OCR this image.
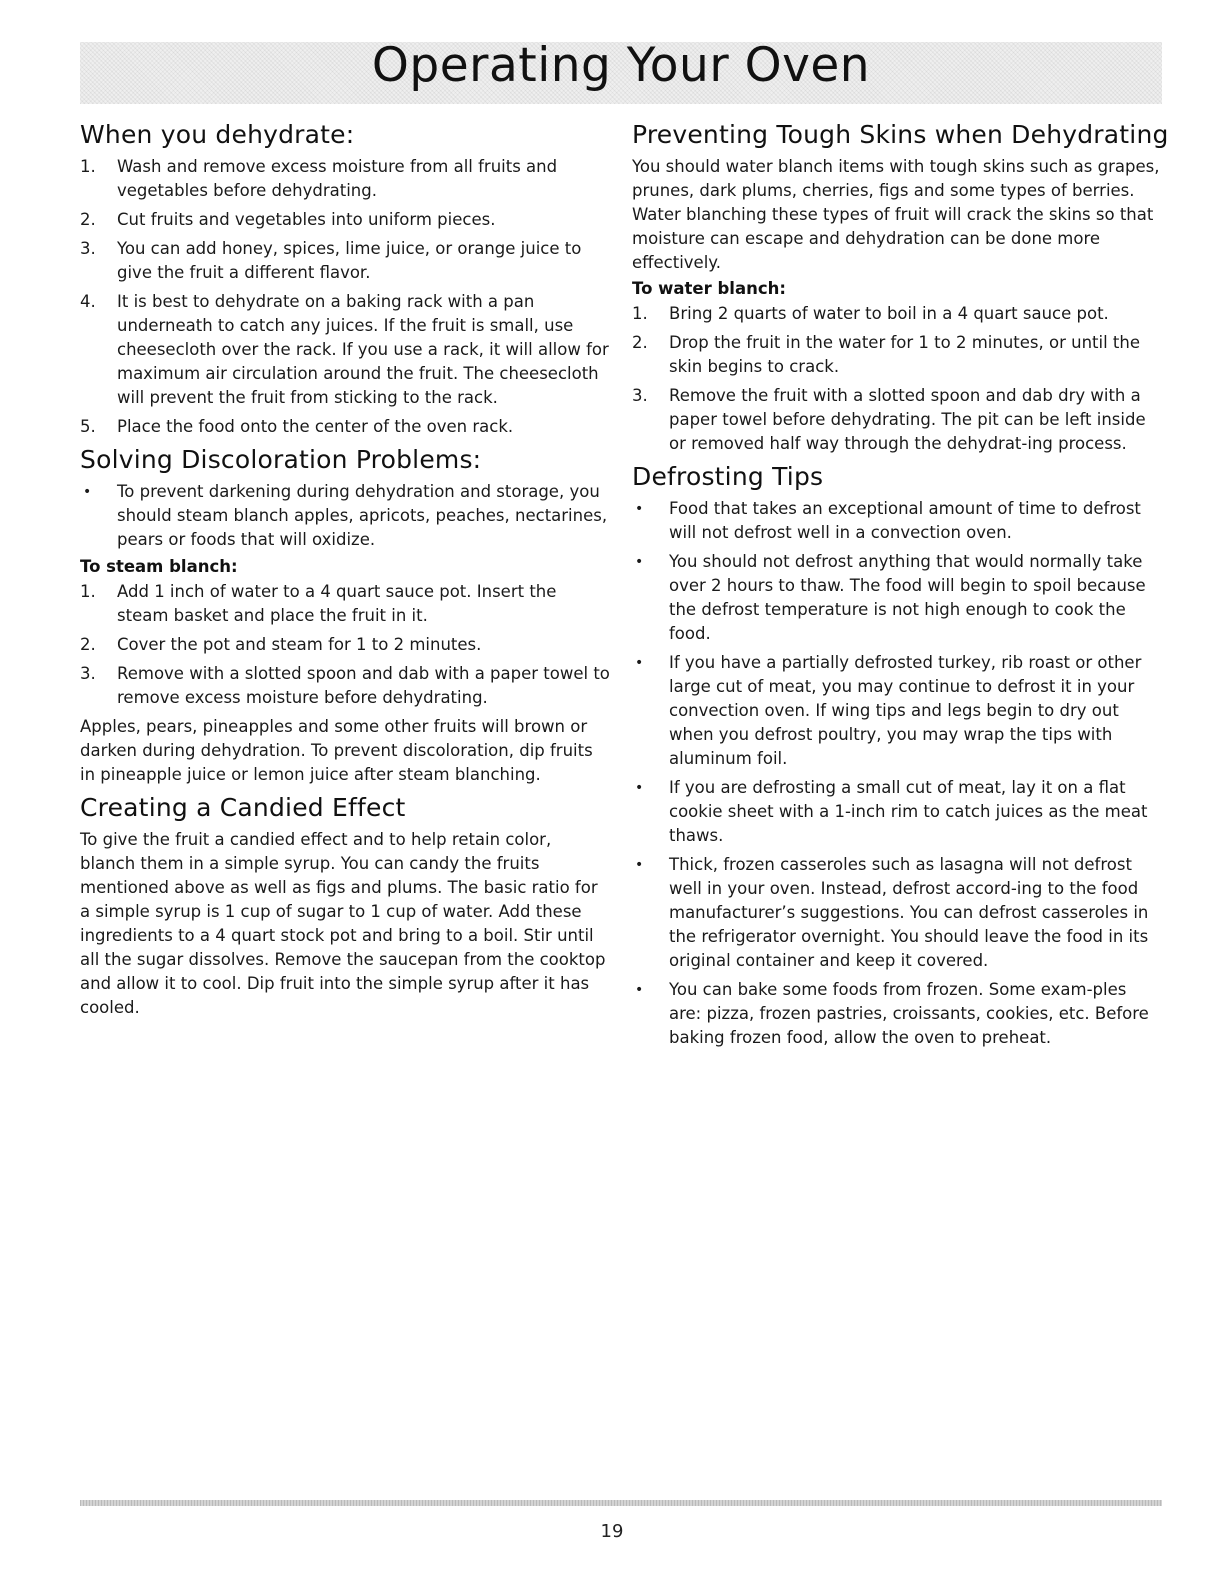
Operating Your Oven
When you dehydrate:
1. Wash and remove excess moisture from all fruits and vegetables before dehydrating.
2. Cut fruits and vegetables into uniform pieces.
3. You can add honey, spices, lime juice, or orange juice to give the fruit a different flavor.
4. It is best to dehydrate on a baking rack with a pan underneath to catch any juices. If the fruit is small, use cheesecloth over the rack. If you use a rack, it will allow for maximum air circulation around the fruit. The cheesecloth will prevent the fruit from sticking to the rack.
5. Place the food onto the center of the oven rack.
Solving Discoloration Problems:
• To prevent darkening during dehydration and storage, you should steam blanch apples, apricots, peaches, nectarines, pears or foods that will oxidize.
To steam blanch:
1. Add 1 inch of water to a 4 quart sauce pot. Insert the steam basket and place the fruit in it.
2. Cover the pot and steam for 1 to 2 minutes.
3. Remove with a slotted spoon and dab with a paper towel to remove excess moisture before dehydrating.

Apples, pears, pineapples and some other fruits will brown or darken during dehydration. To prevent discoloration, dip fruits in pineapple juice or lemon juice after steam blanching.

Creating a Candied Effect

To give the fruit a candied effect and to help retain color, blanch them in a simple syrup. You can candy the fruits mentioned above as well as figs and plums. The basic ratio for a simple syrup is 1 cup of sugar to 1 cup of water. Add these ingredients to a 4 quart stock pot and bring to a boil. Stir until all the sugar dissolves. Remove the saucepan from the cooktop and allow it to cool. Dip fruit into the simple syrup after it has cooled.

Preventing Tough Skins when Dehydrating

You should water blanch items with tough skins such as grapes, prunes, dark plums, cherries, figs and some types of berries. Water blanching these types of fruit will crack the skins so that moisture can escape and dehydration can be done more effectively.

To water blanch:
1. Bring 2 quarts of water to boil in a 4 quart sauce pot.
2. Drop the fruit in the water for 1 to 2 minutes, or until the skin begins to crack.
3. Remove the fruit with a slotted spoon and dab dry with a paper towel before dehydrating. The pit can be left inside or removed half way through the dehydrat-ing process.
Defrosting Tips
• Food that takes an exceptional amount of time to defrost will not defrost well in a convection oven.
• You should not defrost anything that would normally take over 2 hours to thaw. The food will begin to spoil because the defrost temperature is not high enough to cook the food.
• If you have a partially defrosted turkey, rib roast or other large cut of meat, you may continue to defrost it in your convection oven. If wing tips and legs begin to dry out when you defrost poultry, you may wrap the tips with aluminum foil.
• If you are defrosting a small cut of meat, lay it on a flat cookie sheet with a 1-inch rim to catch juices as the meat thaws.
• Thick, frozen casseroles such as lasagna will not defrost well in your oven. Instead, defrost accord-ing to the food manufacturer’s suggestions. You can defrost casseroles in the refrigerator overnight. You should leave the food in its original container and keep it covered.
• You can bake some foods from frozen. Some exam-ples are: pizza, frozen pastries, croissants, cookies, etc. Before baking frozen food, allow the oven to preheat.
19
